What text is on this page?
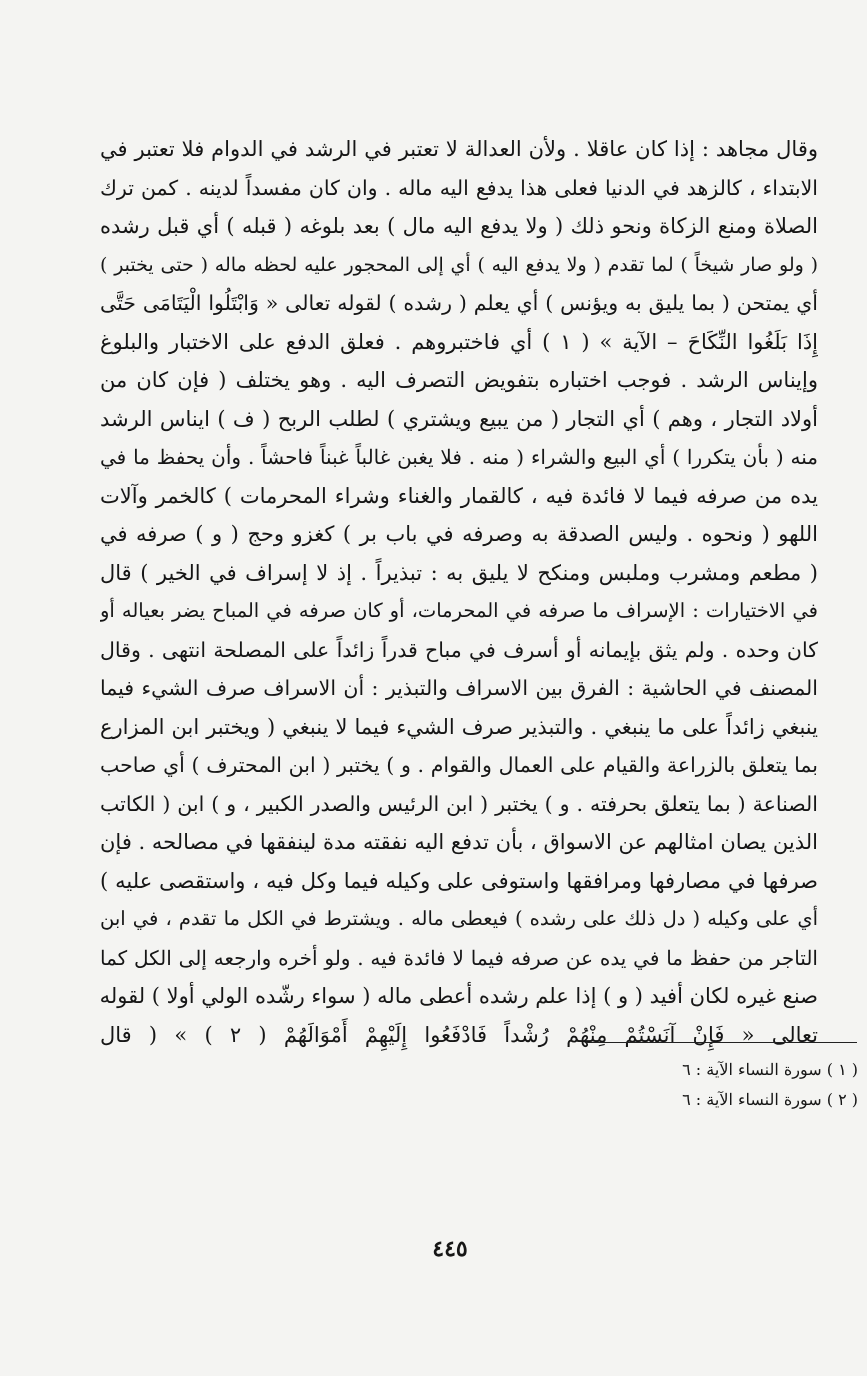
وقال مجاهد : إذا كان عاقلا . ولأن العدالة لا تعتبر في الرشد في الدوام فلا تعتبر في
الابتداء ، كالزهد في الدنيا فعلى هذا يدفع اليه ماله . وان كان مفسداً لدينه . كمن ترك
الصلاة ومنع الزكاة ونحو ذلك ( ولا يدفع اليه مال ) بعد بلوغه ( قبله ) أي قبل رشده
( ولو صار شيخاً ) لما تقدم ( ولا يدفع اليه ) أي إلى المحجور عليه لحظه ماله ( حتى يختبر )
أي يمتحن ( بما يليق به ويؤنس ) أي يعلم ( رشده ) لقوله تعالى « وَابْتَلُوا الْيَتَامَى حَتَّى
إِذَا بَلَغُوا النِّكَاحَ – الآية » ( ١ ) أي فاختبروهم . فعلق الدفع على الاختبار والبلوغ
وإيناس الرشد . فوجب اختباره بتفويض التصرف اليه . وهو يختلف ( فإن كان من
أولاد التجار ، وهم ) أي التجار ( من يبيع ويشتري ) لطلب الربح ( ف ) ايناس الرشد
منه ( بأن يتكررا ) أي البيع والشراء ( منه . فلا يغبن غالباً غبناً فاحشاً . وأن يحفظ ما في
يده من صرفه فيما لا فائدة فيه ، كالقمار والغناء وشراء المحرمات ) كالخمر وآلات
اللهو ( ونحوه . وليس الصدقة به وصرفه في باب بر ) كغزو وحج ( و ) صرفه في
( مطعم ومشرب وملبس ومنكح لا يليق به : تبذيراً . إذ لا إسراف في الخير ) قال
في الاختيارات : الإسراف ما صرفه في المحرمات، أو كان صرفه في المباح يضر بعياله أو
كان وحده . ولم يثق بإيمانه أو أسرف في مباح قدراً زائداً على المصلحة انتهى . وقال
المصنف في الحاشية : الفرق بين الاسراف والتبذير : أن الاسراف صرف الشيء فيما
ينبغي زائداً على ما ينبغي . والتبذير صرف الشيء فيما لا ينبغي ( ويختبر ابن المزارع
بما يتعلق بالزراعة والقيام على العمال والقوام . و ) يختبر ( ابن المحترف ) أي صاحب
الصناعة ( بما يتعلق بحرفته . و ) يختبر ( ابن الرئيس والصدر الكبير ، و ) ابن ( الكاتب
الذين يصان امثالهم عن الاسواق ، بأن تدفع اليه نفقته مدة لينفقها في مصالحه . فإن
صرفها في مصارفها ومرافقها واستوفى على وكيله فيما وكل فيه ، واستقصى عليه )
أي على وكيله ( دل ذلك على رشده ) فيعطى ماله . ويشترط في الكل ما تقدم ، في ابن
التاجر من حفظ ما في يده عن صرفه فيما لا فائدة فيه . ولو أخره وارجعه إلى الكل كما
صنع غيره لكان أفيد ( و ) إذا علم رشده أعطى ماله ( سواء رشّده الولي أولا ) لقوله
تعالى « فَإِنْ آنَسْتُمْ مِنْهُمْ رُشْداً فَادْفَعُوا إِلَيْهِمْ أَمْوَالَهُمْ ( ٢ ) » ( قال
( ١ ) سورة النساء الآية : ٦
( ٢ ) سورة النساء الآية : ٦
٤٤٥
